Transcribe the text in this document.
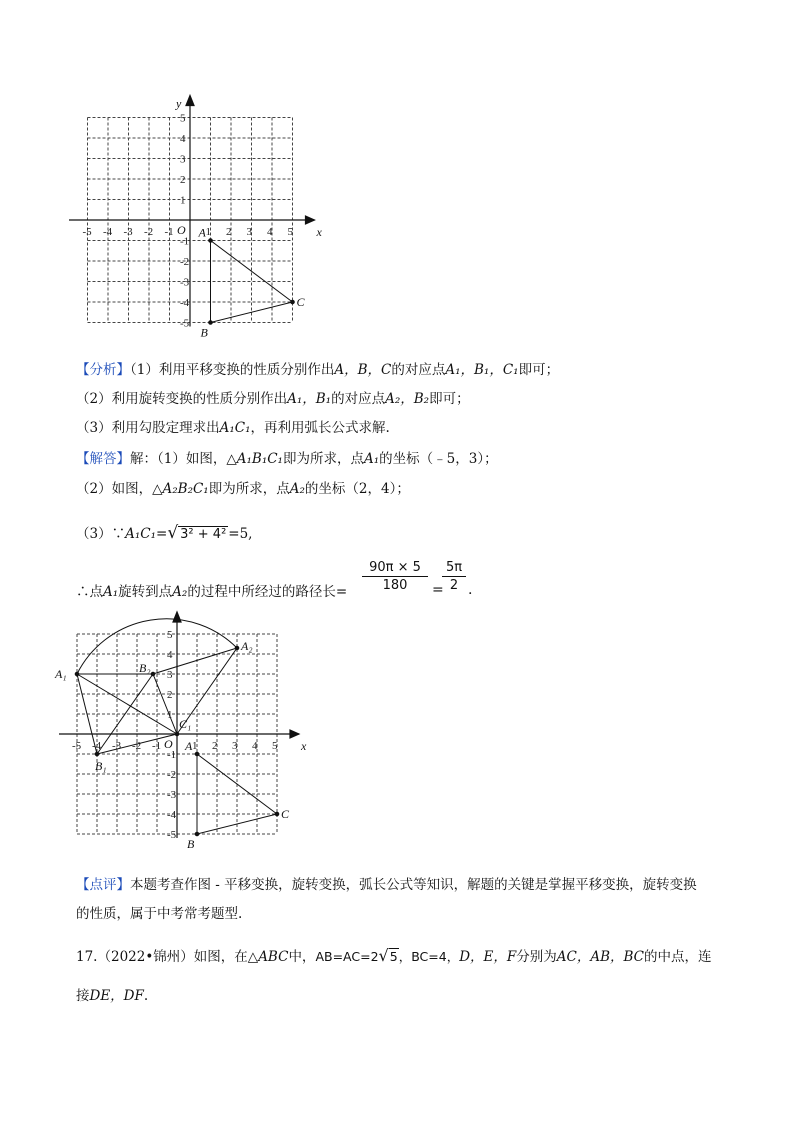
-5 -4 -3 -2 -1	1 2 3 4 5
5
4
3
2
1
-1
-2
-3
-4
-5
O	x
y
A
B
C
【分析】（1）利用平移变换的性质分别作出A，B，C的对应点A₁，B₁，C₁即可；
（2）利用旋转变换的性质分别作出A₁，B₁的对应点A₂，B₂即可；
（3）利用勾股定理求出A₁C₁，再利用弧长公式求解.
【解答】解：（1）如图，△A₁B₁C₁即为所求，点A₁的坐标（﹣5，3）；
（2）如图，△A₂B₂C₁即为所求，点A₂的坐标（2，4）；
（3）∵A₁C₁=√ 3² + 4² =5,
∴点A₁旋转到点A₂的过程中所经过的路径长=
90π × 5
180	=
5π
2 .
-5 -4 -3 -2 -1	1 2 3 4 5
5
4
3
2
1
-1
-2
-3
-4
-5
O	x
A₁
A₂
B₂
B₁
C₁
A
B
C
【点评】本题考查作图 - 平移变换，旋转变换，弧长公式等知识，解题的关键是掌握平移变换，旋转变换
的性质，属于中考常考题型.
17.（2022•锦州）如图，在△ABC中，AB=AC=2√5，BC=4，D，E，F分别为AC，AB，BC的中点，连
接DE，DF.
